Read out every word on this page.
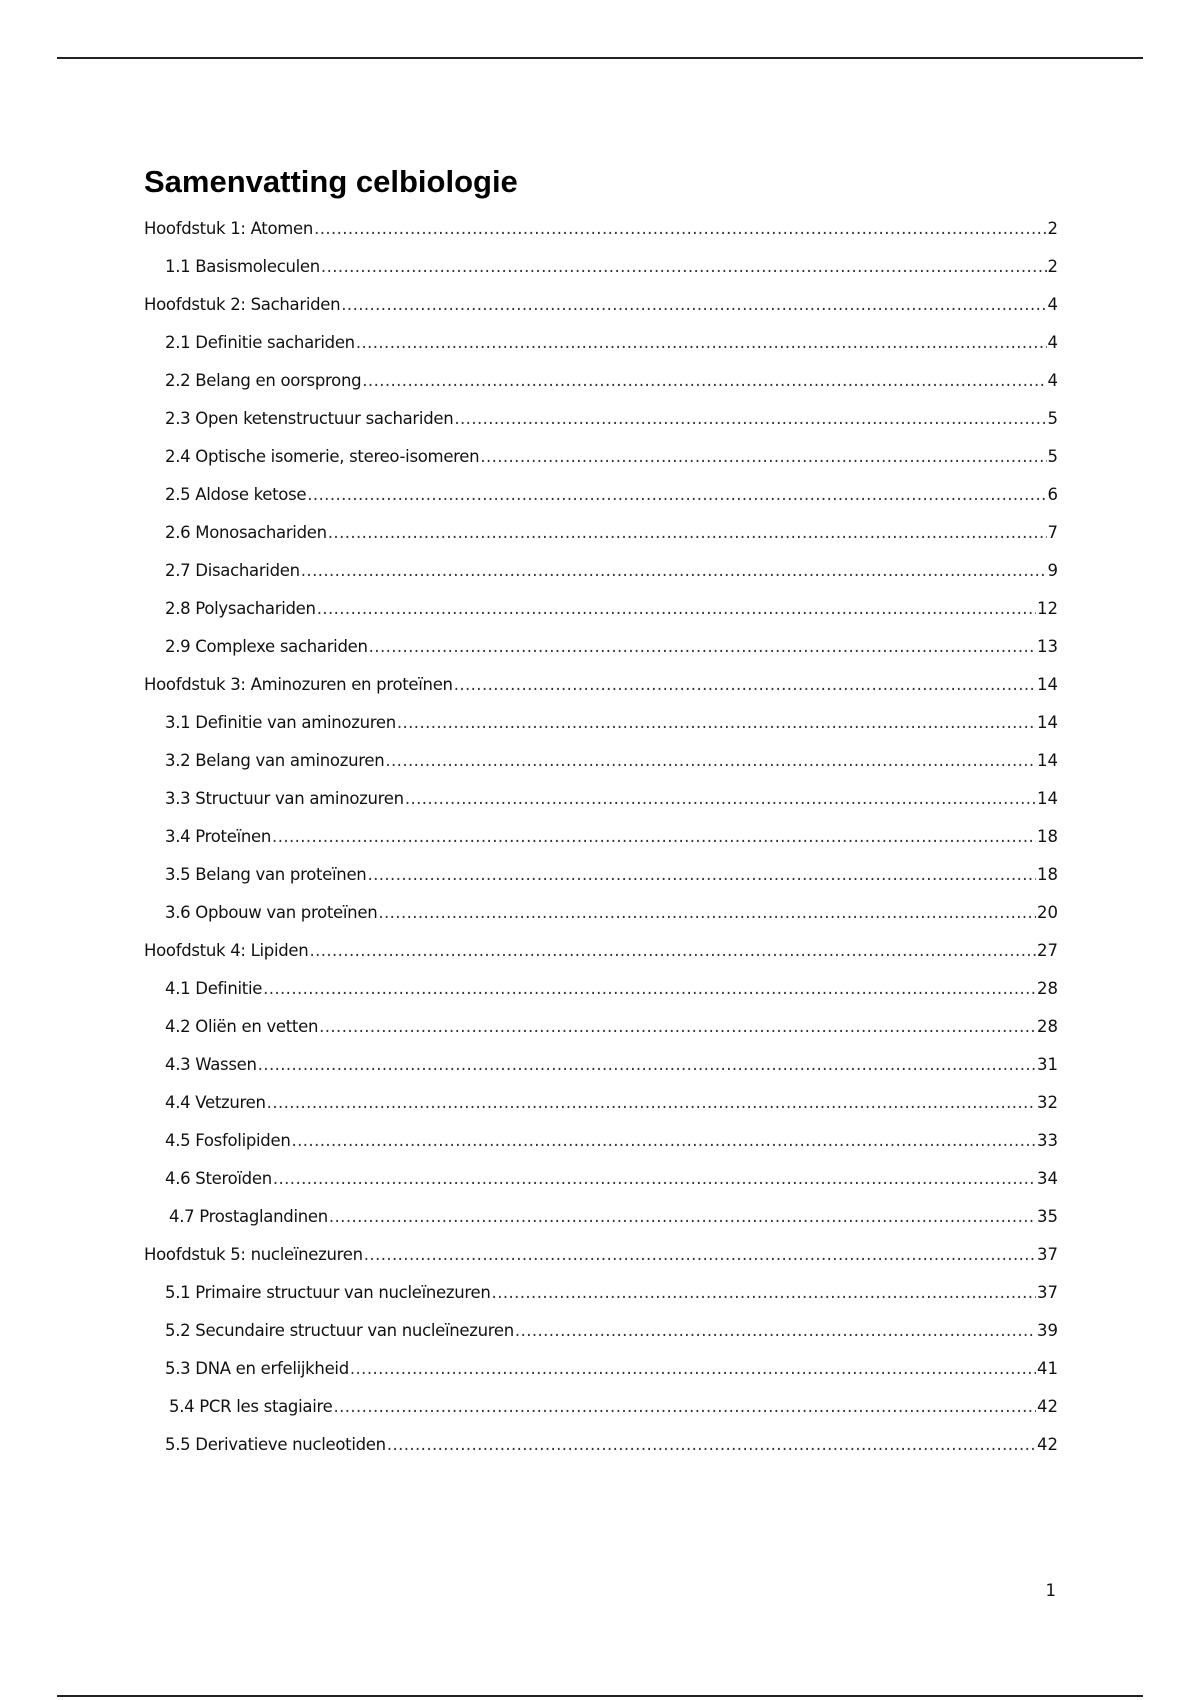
Samenvatting celbiologie
Hoofdstuk 1: Atomen .....	2
1.1 Basismoleculen .....	2
Hoofdstuk 2: Sachariden .....	4
2.1 Definitie sachariden .....	4
2.2 Belang en oorsprong .....	4
2.3 Open ketenstructuur sachariden .....	5
2.4 Optische isomerie, stereo-isomeren .....	5
2.5 Aldose ketose .....	6
2.6 Monosachariden .....	7
2.7 Disachariden .....	9
2.8 Polysachariden .....	12
2.9 Complexe sachariden .....	13
Hoofdstuk 3: Aminozuren en proteïnen .....	14
3.1 Definitie van aminozuren .....	14
3.2 Belang van aminozuren .....	14
3.3 Structuur van aminozuren .....	14
3.4 Proteïnen .....	18
3.5 Belang van proteïnen .....	18
3.6 Opbouw van proteïnen .....	20
Hoofdstuk 4: Lipiden .....	27
4.1 Definitie .....	28
4.2 Oliën en vetten .....	28
4.3 Wassen .....	31
4.4 Vetzuren .....	32
4.5 Fosfolipiden .....	33
4.6 Steroïden .....	34
4.7 Prostaglandinen .....	35
Hoofdstuk 5: nucleïnezuren .....	37
5.1 Primaire structuur van nucleïnezuren .....	37
5.2 Secundaire structuur van nucleïnezuren .....	39
5.3 DNA en erfelijkheid .....	41
5.4 PCR les stagiaire .....	42
5.5 Derivatieve nucleotiden .....	42
1
